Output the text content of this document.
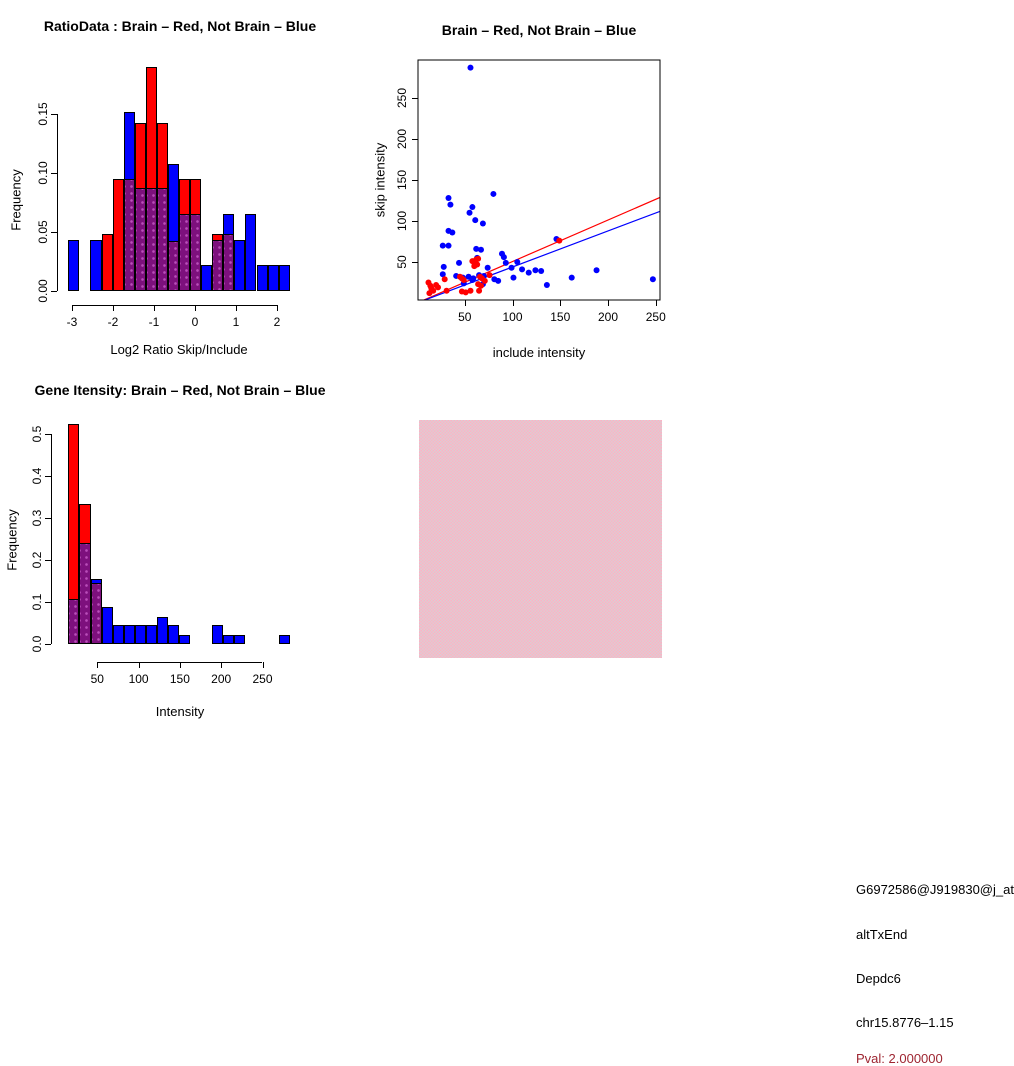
RatioData : Brain – Red, Not Brain – Blue
Log2 Ratio Skip/Include
Frequency
-3	-2	-1	0	1	2
0.00
0.05
0.10
0.15
Brain – Red, Not Brain – Blue
include intensity
skip intensity
50	100 150 200 250
50
100
150
200
250
Gene Itensity: Brain – Red, Not Brain – Blue
Intensity
Frequency
50 100 150 200 250
0.0
0.1
0.2
0.3
0.4
0.5
G6972586@J919830@j_at
altTxEnd
Depdc6
chr15.8776–1.15
Pval: 2.000000
